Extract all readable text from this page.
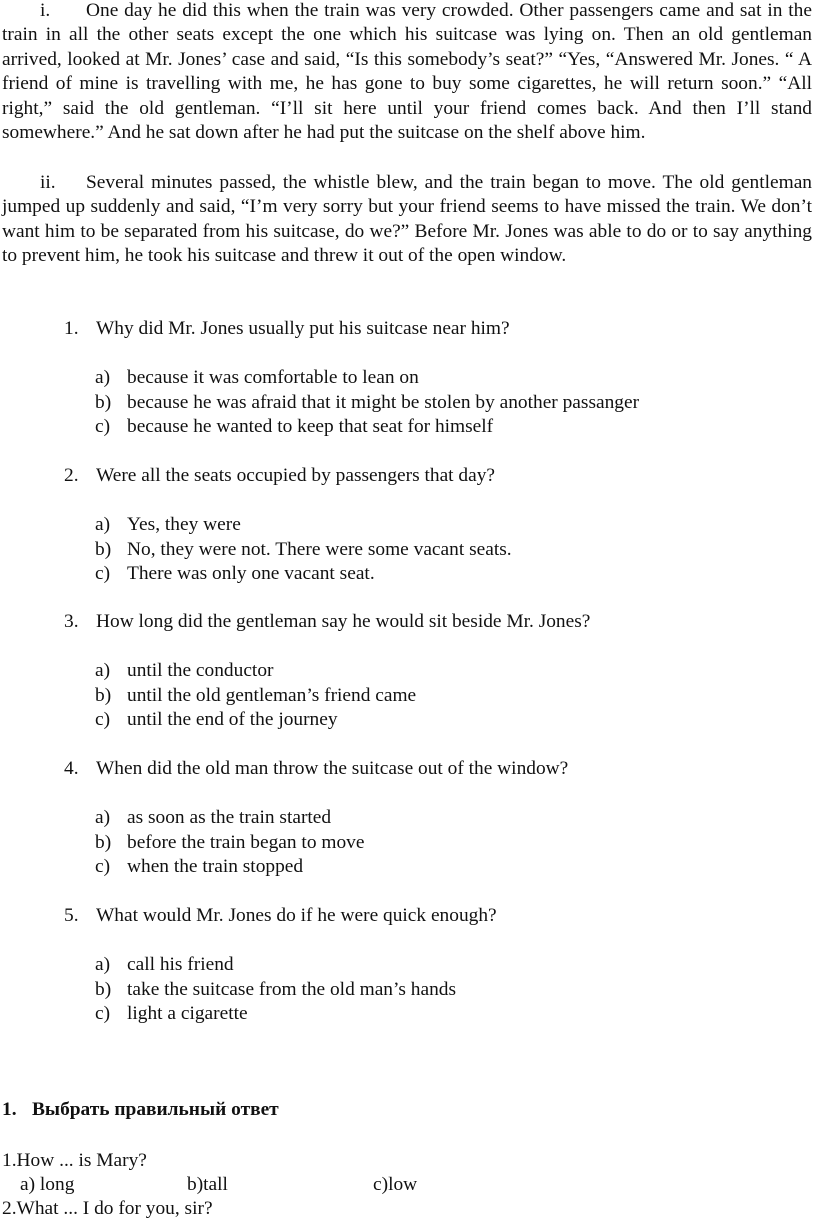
i. One day he did this when the train was very crowded. Other passengers came and sat in the train in all the other seats except the one which his suitcase was lying on. Then an old gentleman arrived, looked at Mr. Jones’ case and said, “Is this somebody’s seat?” “Yes, “Answered Mr. Jones. “ A friend of mine is travelling with me, he has gone to buy some cigarettes, he will return soon.” “All right,” said the old gentleman. “I’ll sit here until your friend comes back. And then I’ll stand somewhere.” And he sat down after he had put the suitcase on the shelf above him.

ii. Several minutes passed, the whistle blew, and the train began to move. The old gentleman jumped up suddenly and said, “I’m very sorry but your friend seems to have missed the train. We don’t want him to be separated from his suitcase, do we?” Before Mr. Jones was able to do or to say anything to prevent him, he took his suitcase and threw it out of the open window.

1. Why did Mr. Jones usually put his suitcase near him?

a) because it was comfortable to lean on
b) because he was afraid that it might be stolen by another passanger
c) because he wanted to keep that seat for himself

2. Were all the seats occupied by passengers that day?

a) Yes, they were
b) No, they were not. There were some vacant seats.
c) There was only one vacant seat.

3. How long did the gentleman say he would sit beside Mr. Jones?

a) until the conductor
b) until the old gentleman’s friend came
c) until the end of the journey

4. When did the old man throw the suitcase out of the window?

a) as soon as the train started
b) before the train began to move
c) when the train stopped

5. What would Mr. Jones do if he were quick enough?

a) call his friend
b) take the suitcase from the old man’s hands
c) light a cigarette

1. Выбрать правильный ответ

1.How ... is Mary?

a) long	b)tall	c)low

2.What ... I do for you, sir?
